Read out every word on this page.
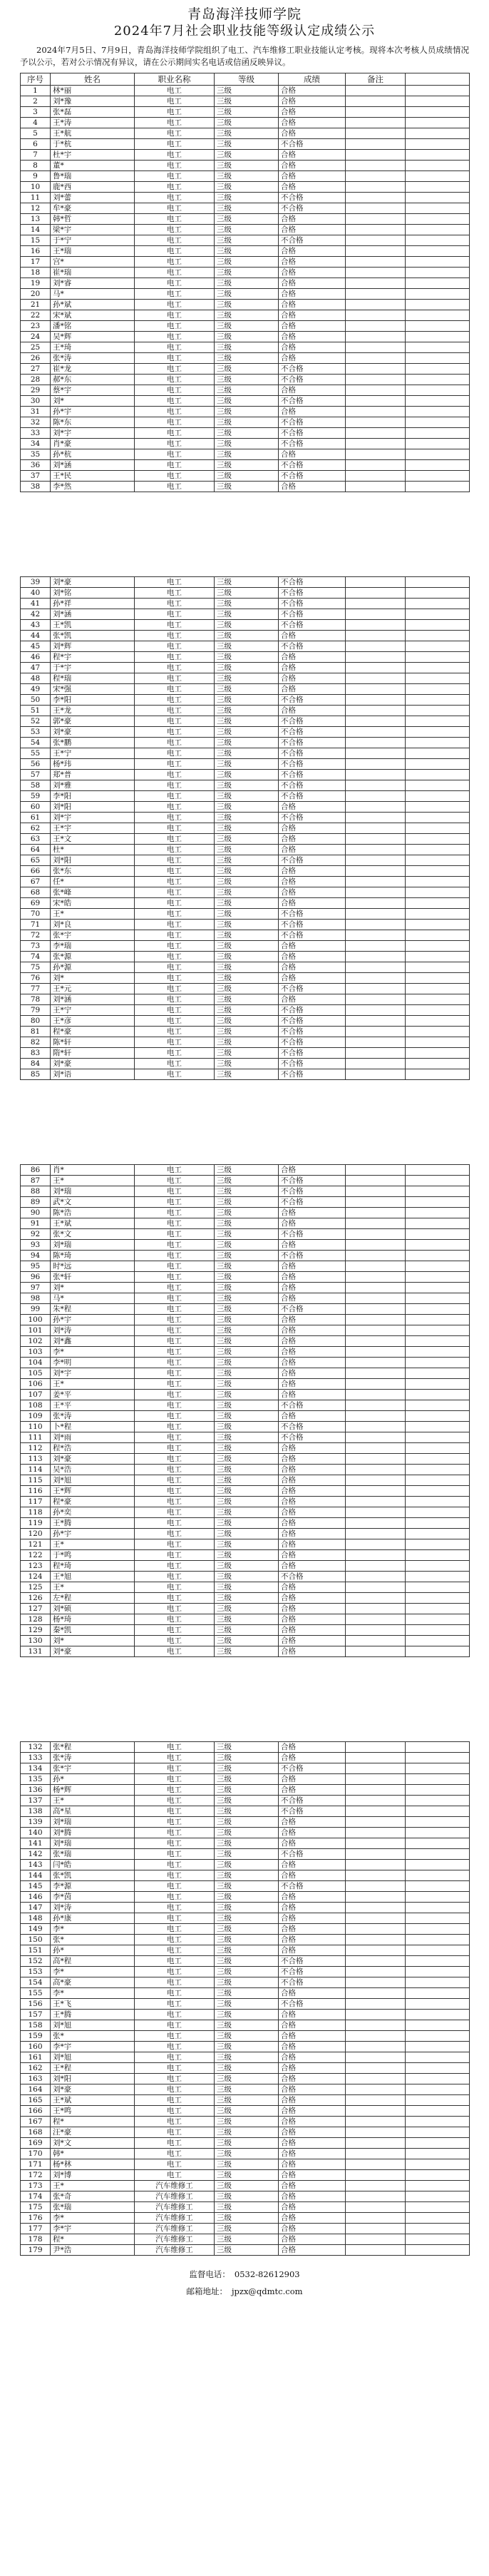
青岛海洋技师学院
2024年7月社会职业技能等级认定成绩公示

2024年7月5日、7月9日，青岛海洋技师学院组织了电工、汽车维修工职业技能认定考核。现将本次考核人员成绩情况予以公示，若对公示情况有异议，请在公示期间实名电话或信函反映异议。

序号	姓名	职业名称	等级	成绩	备注	
1	林*丽	电工	三级	合格		
2	刘*豫	电工	三级	合格		
3	张*磊	电工	三级	合格		
4	王*涛	电工	三级	合格		
5	王*航	电工	三级	合格		
6	于*杭	电工	三级	不合格		
7	杜*宇	电工	三级	合格		
8	董*	电工	三级	合格		
9	鲁*瑞	电工	三级	合格		
10	鹿*西	电工	三级	合格		
11	刘*蕾	电工	三级	不合格		
12	牟*豪	电工	三级	不合格		
13	韩*哲	电工	三级	合格		
14	梁*宇	电工	三级	合格		
15	于*宁	电工	三级	不合格		
16	王*瑞	电工	三级	合格		
17	宫*	电工	三级	合格		
18	崔*瑞	电工	三级	合格		
19	刘*睿	电工	三级	合格		
20	马*	电工	三级	合格		
21	孙*斌	电工	三级	合格		
22	宋*斌	电工	三级	合格		
23	潘*铭	电工	三级	合格		
24	吴*辉	电工	三级	合格		
25	王*琦	电工	三级	合格		
26	张*涛	电工	三级	合格		
27	崔*龙	电工	三级	不合格		
28	郝*东	电工	三级	不合格		
29	蔡*宇	电工	三级	合格		
30	刘*	电工	三级	不合格		
31	孙*宇	电工	三级	合格		
32	陈*东	电工	三级	不合格		
33	刘*宇	电工	三级	不合格		
34	肖*豪	电工	三级	不合格		
35	孙*杭	电工	三级	合格		
36	刘*涵	电工	三级	不合格		
37	王*民	电工	三级	不合格		
38	李*然	电工	三级	合格		
39	刘*豪	电工	三级	不合格		
40	刘*铭	电工	三级	不合格		
41	孙*祥	电工	三级	不合格		
42	刘*涵	电工	三级	不合格		
43	王*凯	电工	三级	不合格		
44	张*凯	电工	三级	合格		
45	刘*辉	电工	三级	不合格		
46	程*宇	电工	三级	合格		
47	于*宇	电工	三级	合格		
48	程*瑞	电工	三级	合格		
49	宋*强	电工	三级	合格		
50	李*阳	电工	三级	不合格		
51	王*龙	电工	三级	合格		
52	郭*豪	电工	三级	不合格		
53	刘*豪	电工	三级	不合格		
54	张*鹏	电工	三级	不合格		
55	王*宁	电工	三级	不合格		
56	杨*玮	电工	三级	不合格		
57	郑*普	电工	三级	不合格		
58	刘*雅	电工	三级	不合格		
59	李*阳	电工	三级	不合格		
60	刘*阳	电工	三级	合格		
61	刘*宇	电工	三级	不合格		
62	王*宇	电工	三级	合格		
63	王*文	电工	三级	合格		
64	杜*	电工	三级	合格		
65	刘*阳	电工	三级	不合格		
66	张*东	电工	三级	合格		
67	任*	电工	三级	合格		
68	张*峰	电工	三级	合格		
69	宋*皓	电工	三级	合格		
70	王*	电工	三级	不合格		
71	刘*良	电工	三级	不合格		
72	张*宇	电工	三级	不合格		
73	李*瑞	电工	三级	合格		
74	张*源	电工	三级	合格		
75	孙*源	电工	三级	合格		
76	刘*	电工	三级	合格		
77	王*元	电工	三级	不合格		
78	刘*涵	电工	三级	合格		
79	王*宁	电工	三级	不合格		
80	王*彦	电工	三级	不合格		
81	程*豪	电工	三级	不合格		
82	陈*轩	电工	三级	不合格		
83	隋*轩	电工	三级	不合格		
84	刘*豪	电工	三级	不合格		
85	刘*语	电工	三级	不合格		
86	肖*	电工	三级	合格		
87	王*	电工	三级	不合格		
88	刘*瑞	电工	三级	不合格		
89	武*文	电工	三级	不合格		
90	陈*浩	电工	三级	合格		
91	王*斌	电工	三级	合格		
92	张*文	电工	三级	不合格		
93	刘*瑞	电工	三级	合格		
94	陈*琦	电工	三级	不合格		
95	时*远	电工	三级	合格		
96	张*轩	电工	三级	合格		
97	刘*	电工	三级	合格		
98	马*	电工	三级	合格		
99	朱*程	电工	三级	不合格		
100	孙*宇	电工	三级	合格		
101	刘*涛	电工	三级	合格		
102	刘*鑫	电工	三级	合格		
103	李*	电工	三级	合格		
104	李*明	电工	三级	合格		
105	刘*宇	电工	三级	合格		
106	王*	电工	三级	合格		
107	姜*平	电工	三级	合格		
108	王*平	电工	三级	不合格		
109	张*涛	电工	三级	合格		
110	卜*程	电工	三级	不合格		
111	刘*雨	电工	三级	不合格		
112	程*浩	电工	三级	合格		
113	刘*豪	电工	三级	合格		
114	吴*浩	电工	三级	合格		
115	刘*旭	电工	三级	合格		
116	王*辉	电工	三级	合格		
117	程*豪	电工	三级	合格		
118	孙*奕	电工	三级	合格		
119	王*腾	电工	三级	合格		
120	孙*宇	电工	三级	合格		
121	王*	电工	三级	合格		
122	于*鸣	电工	三级	合格		
123	程*琦	电工	三级	合格		
124	王*旭	电工	三级	不合格		
125	王*	电工	三级	合格		
126	左*程	电工	三级	合格		
127	刘*硕	电工	三级	合格		
128	杨*琦	电工	三级	合格		
129	秦*凯	电工	三级	合格		
130	刘*	电工	三级	合格		
131	刘*豪	电工	三级	合格		
132	张*程	电工	三级	合格		
133	张*涛	电工	三级	合格		
134	张*宇	电工	三级	不合格		
135	孙*	电工	三级	合格		
136	杨*辉	电工	三级	合格		
137	王*	电工	三级	不合格		
138	高*星	电工	三级	不合格		
139	刘*瑞	电工	三级	合格		
140	刘*腾	电工	三级	合格		
141	刘*瑞	电工	三级	合格		
142	张*瑞	电工	三级	不合格		
143	闫*皓	电工	三级	合格		
144	张*凯	电工	三级	合格		
145	李*源	电工	三级	不合格		
146	李*茵	电工	三级	合格		
147	刘*涛	电工	三级	合格		
148	孙*康	电工	三级	合格		
149	李*	电工	三级	合格		
150	张*	电工	三级	合格		
151	孙*	电工	三级	合格		
152	高*程	电工	三级	不合格		
153	李*	电工	三级	不合格		
154	高*豪	电工	三级	不合格		
155	李*	电工	三级	合格		
156	王*飞	电工	三级	不合格		
157	王*腾	电工	三级	合格		
158	刘*旭	电工	三级	合格		
159	张*	电工	三级	合格		
160	李*宇	电工	三级	合格		
161	刘*旭	电工	三级	合格		
162	王*程	电工	三级	合格		
163	刘*阳	电工	三级	合格		
164	刘*豪	电工	三级	合格		
165	王*斌	电工	三级	合格		
166	王*鸣	电工	三级	合格		
167	程*	电工	三级	合格		
168	汪*豪	电工	三级	合格		
169	刘*文	电工	三级	合格		
170	韩*	电工	三级	合格		
171	杨*林	电工	三级	合格		
172	刘*博	电工	三级	合格		
173	王*	汽车维修工	三级	合格		
174	张*奇	汽车维修工	三级	合格		
175	张*瑞	汽车维修工	三级	合格		
176	李*	汽车维修工	三级	合格		
177	李*宇	汽车维修工	三级	合格		
178	程*	汽车维修工	三级	合格		
179	尹*浩	汽车维修工	三级	合格		
监督电话： 0532-82612903
邮箱地址： jpzx@qdmtc.com
